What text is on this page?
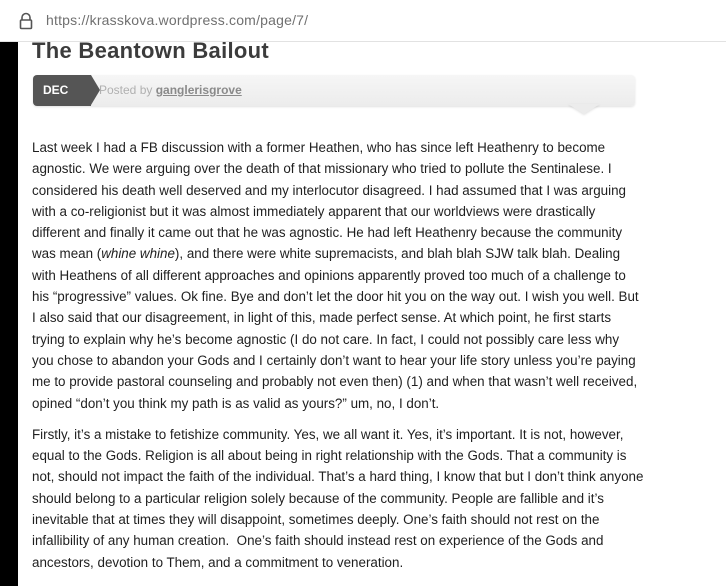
https://krasskova.wordpress.com/page/7/
The Beantown Bailout
DEC 6
Posted by ganglerisgrove

Last week I had a FB discussion with a former Heathen, who has since left Heathenry to become agnostic. We were arguing over the death of that missionary who tried to pollute the Sentinalese. I considered his death well deserved and my interlocutor disagreed. I had assumed that I was arguing with a co-religionist but it was almost immediately apparent that our worldviews were drastically different and finally it came out that he was agnostic. He had left Heathenry because the community was mean (whine whine), and there were white supremacists, and blah blah SJW talk blah. Dealing with Heathens of all different approaches and opinions apparently proved too much of a challenge to his “progressive” values. Ok fine. Bye and don’t let the door hit you on the way out. I wish you well. But I also said that our disagreement, in light of this, made perfect sense. At which point, he first starts trying to explain why he’s become agnostic (I do not care. In fact, I could not possibly care less why you chose to abandon your Gods and I certainly don’t want to hear your life story unless you’re paying me to provide pastoral counseling and probably not even then) (1) and when that wasn’t well received, opined “don’t you think my path is as valid as yours?” um, no, I don’t.

Firstly, it’s a mistake to fetishize community. Yes, we all want it. Yes, it’s important. It is not, however, equal to the Gods. Religion is all about being in right relationship with the Gods. That a community is not, should not impact the faith of the individual. That’s a hard thing, I know that but I don’t think anyone should belong to a particular religion solely because of the community. People are fallible and it’s inevitable that at times they will disappoint, sometimes deeply. One’s faith should not rest on the infallibility of any human creation.  One’s faith should instead rest on experience of the Gods and ancestors, devotion to Them, and a commitment to veneration.
